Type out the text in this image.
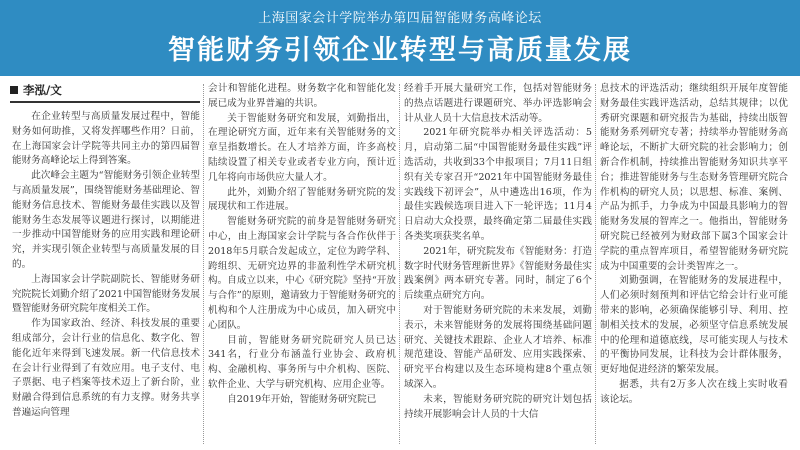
上海国家会计学院举办第四届智能财务高峰论坛
智能财务引领企业转型与高质量发展
李泓/文

在企业转型与高质量发展过程中，智能财务如何助推，又将发挥哪些作用？日前，在上海国家会计学院等共同主办的第四届智能财务高峰论坛上得到答案。

此次峰会主题为“智能财务引领企业转型与高质量发展”，围绕智能财务基础理论、智能财务信息技术、智能财务最佳实践以及智能财务生态发展等议题进行探讨，以期能进一步推动中国智能财务的应用实践和理论研究，并实现引领企业转型与高质量发展的目的。

上海国家会计学院副院长、智能财务研究院院长刘勤介绍了2021中国智能财务发展暨智能财务研究院年度相关工作。

作为国家政治、经济、科技发展的重要组成部分，会计行业的信息化、数字化、智能化近年来得到飞速发展。新一代信息技术在会计行业得到了有效应用。电子支付、电子票据、电子档案等技术迈上了新台阶，业财融合得到信息系统的有力支撑。财务共享普遍运向管理

会计和智能化进程。财务数字化和智能化发展已成为业界普遍的共识。

关于智能财务研究和发展，刘勤指出，在理论研究方面，近年来有关智能财务的文章呈指数增长。在人才培养方面，许多高校陆续设置了相关专业或者专业方向，预计近几年将向市场供应大量人才。

此外，刘勤介绍了智能财务研究院的发展现状和工作进展。

智能财务研究院的前身是智能财务研究中心，由上海国家会计学院与各合作伙伴于2018年5月联合发起成立，定位为跨学科、跨组织、无研究边界的非盈利性学术研究机构。自成立以来，中心《研究院》坚持“开放与合作”的原则，邀请致力于智能财务研究的机构和个人注册成为中心成员，加入研究中心团队。

目前，智能财务研究院研究人员已达341名，行业分布涵盖行业协会、政府机构、金融机构、事务所与中介机构、医院、软件企业、大学与研究机构、应用企业等。

自2019年开始，智能财务研究院已

经着手开展大量研究工作，包括对智能财务的热点话题进行课题研究、举办评选影响会计从业人员十大信息技术活动等。

2021年研究院举办相关评选活动：5月，启动第二届“中国智能财务最佳实践”评选活动，共收到33个申报项目；7月11日组织有关专家召开“2021年中国智能财务最佳实践线下初评会”，从中遴选出16项，作为最佳实践候选项目进入下一轮评选；11月4日启动大众投票，最终确定第二届最佳实践各类奖项获奖名单。

2021年，研究院发布《智能财务：打造数字时代财务管理新世界》《智能财务最佳实践案例》两本研究专著。同时，制定了6个后续重点研究方向。

对于智能财务研究院的未来发展，刘勤表示，未来智能财务的发展将围绕基础问题研究、关键技术跟踪、企业人才培养、标准规范建设、智能产品研发、应用实践探索、研究平台构建以及生态环境构建8个重点领域深入。

未来，智能财务研究院的研究计划包括持续开展影响会计人员的十大信

息技术的评选活动；继续组织开展年度智能财务最佳实践评选活动，总结其规律；以优秀研究课题和研究报告为基础，持续出版智能财务系列研究专著；持续举办智能财务高峰论坛，不断扩大研究院的社会影响力；创新合作机制，持续推出智能财务知识共享平台；推进智能财务与生态财务管理研究院合作机构的研究人员；以思想、标准、案例、产品为抓手，力争成为中国最具影响力的智能财务发展的智库之一。他指出，智能财务研究院已经被列为财政部下属3个国家会计学院的重点智库项目，希望智能财务研究院成为中国重要的会计类智库之一。

刘勤强调，在智能财务的发展进程中，人们必须时刻预判和评估它给会计行业可能带来的影响，必须确保能够引导、利用、控制相关技术的发展，必须坚守信息系统发展中的伦理和道德底线，尽可能实现人与技术的平衡协同发展，让科技为会计群体服务，更好地促进经济的繁荣发展。

据悉，共有2万多人次在线上实时收看该论坛。
